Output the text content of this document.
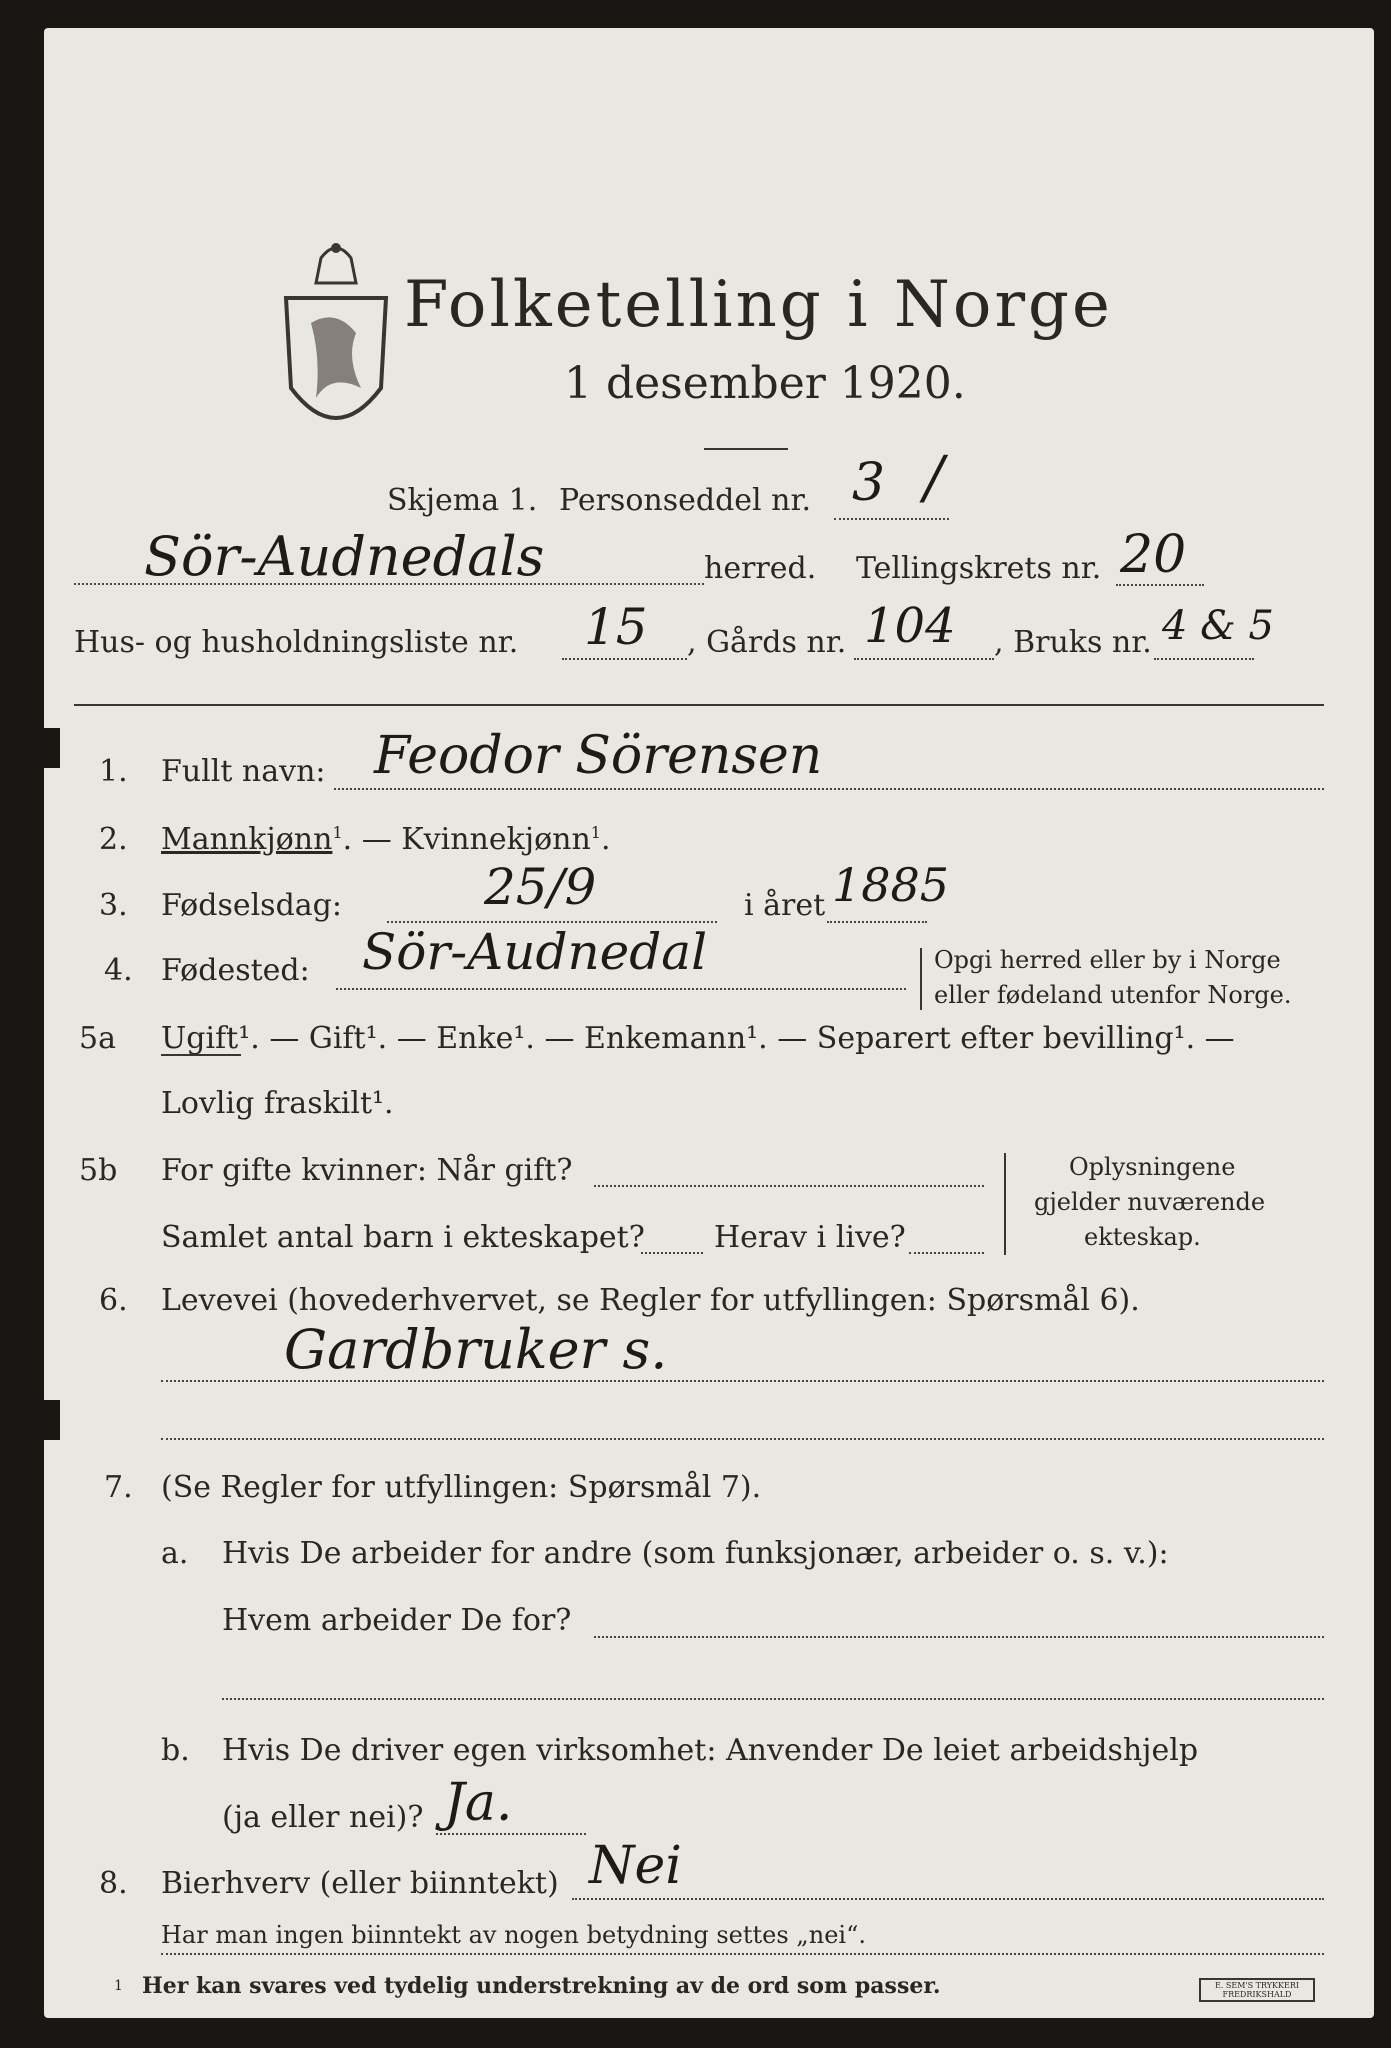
Folketelling i Norge
1 desember 1920.
Skjema 1. Personseddel nr. 3 /
Sör-Audnedals	herred. Tellingskrets nr. 20
Hus- og husholdningsliste nr. 15 , Gårds nr. 104 , Bruks nr. 4 & 5
1. Fullt navn: Feodor Sörensen
2. Mannkjønn$^1$. — Kvinnekjønn$^1$.
3. Fødselsdag:	25/9	i året 1885
4. Fødested: Sör-Audnedal	Opgi herred eller by i Norge
eller fødeland utenfor Norge.
5a Ugift¹. — Gift¹. — Enke¹. — Enkemann¹. — Separert efter bevilling¹. —
Lovlig fraskilt¹.
5b For gifte kvinner: Når gift?
Samlet antal barn i ekteskapet? Herav i live?
Oplysningene
gjelder nuværende
ekteskap.
6. Levevei (hovederhvervet, se Regler for utfyllingen: Spørsmål 6).
Gardbruker s.
7. (Se Regler for utfyllingen: Spørsmål 7).
a. Hvis De arbeider for andre (som funksjonær, arbeider o. s. v.):
Hvem arbeider De for?
b. Hvis De driver egen virksomhet: Anvender De leiet arbeidshjelp
(ja eller nei)? Ja.
8. Bierhverv (eller biinntekt) Nei
Har man ingen biinntekt av nogen betydning settes „nei“.
1 Her kan svares ved tydelig understrekning av de ord som passer.	E. SEM'S TRYKKERI FREDRIKSHALD
